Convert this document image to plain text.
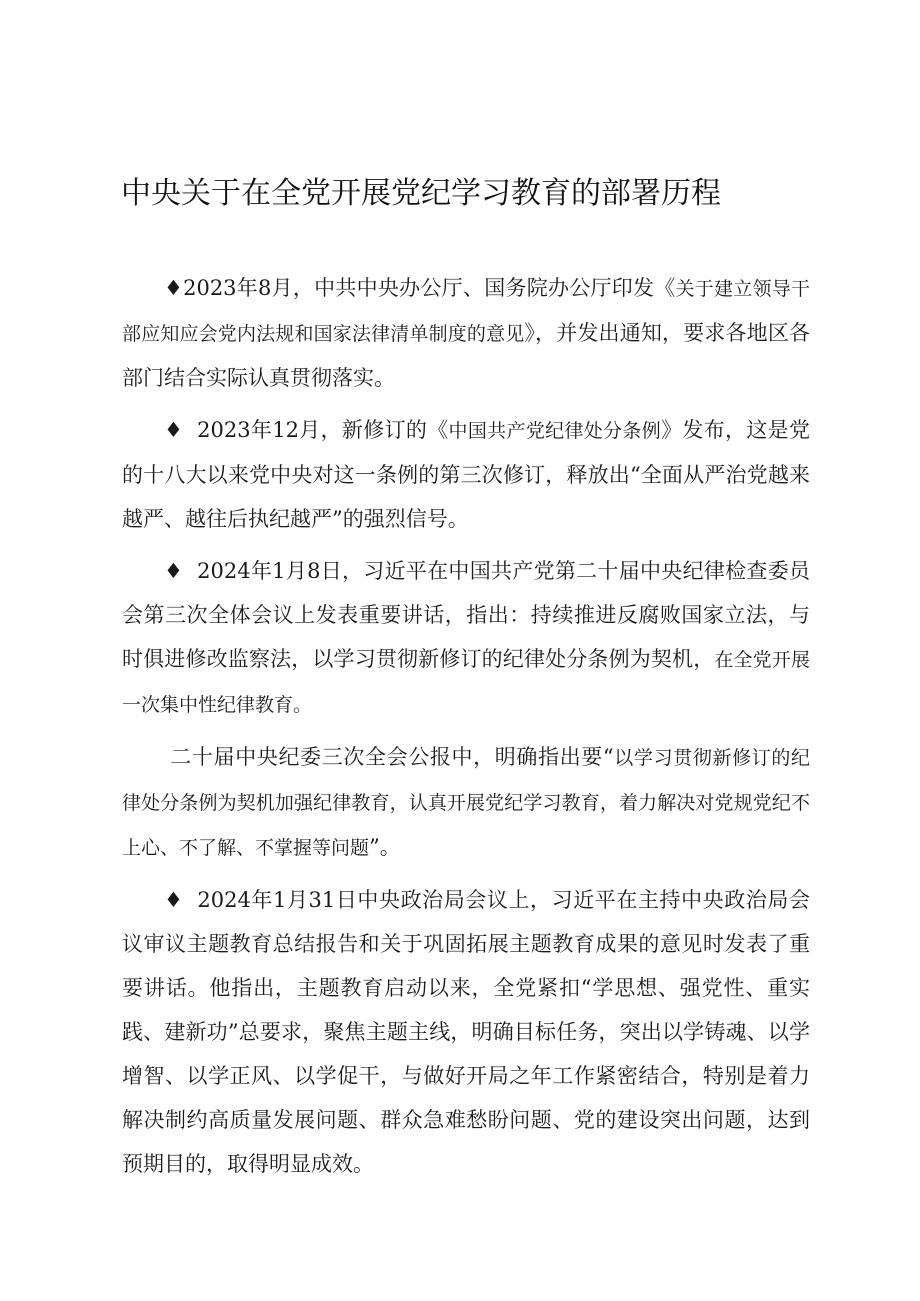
中央关于在全党开展党纪学习教育的部署历程

♦2023年8月，中共中央办公厅、国务院办公厅印发《关于建立领导干部应知应会党内法规和国家法律清单制度的意见》，并发出通知，要求各地区各部门结合实际认真贯彻落实。

♦ 2023年12月，新修订的《中国共产党纪律处分条例》发布，这是党的十八大以来党中央对这一条例的第三次修订，释放出“全面从严治党越来越严、越往后执纪越严”的强烈信号。

♦ 2024年1月8日，习近平在中国共产党第二十届中央纪律检查委员会第三次全体会议上发表重要讲话，指出：持续推进反腐败国家立法，与时俱进修改监察法，以学习贯彻新修订的纪律处分条例为契机，在全党开展一次集中性纪律教育。

二十届中央纪委三次全会公报中，明确指出要“以学习贯彻新修订的纪律处分条例为契机加强纪律教育，认真开展党纪学习教育，着力解决对党规党纪不上心、不了解、不掌握等问题”。

♦ 2024年1月31日中央政治局会议上，习近平在主持中央政治局会议审议主题教育总结报告和关于巩固拓展主题教育成果的意见时发表了重要讲话。他指出，主题教育启动以来，全党紧扣“学思想、强党性、重实践、建新功”总要求，聚焦主题主线，明确目标任务，突出以学铸魂、以学增智、以学正风、以学促干，与做好开局之年工作紧密结合，特别是着力解决制约高质量发展问题、群众急难愁盼问题、党的建设突出问题，达到预期目的，取得明显成效。
